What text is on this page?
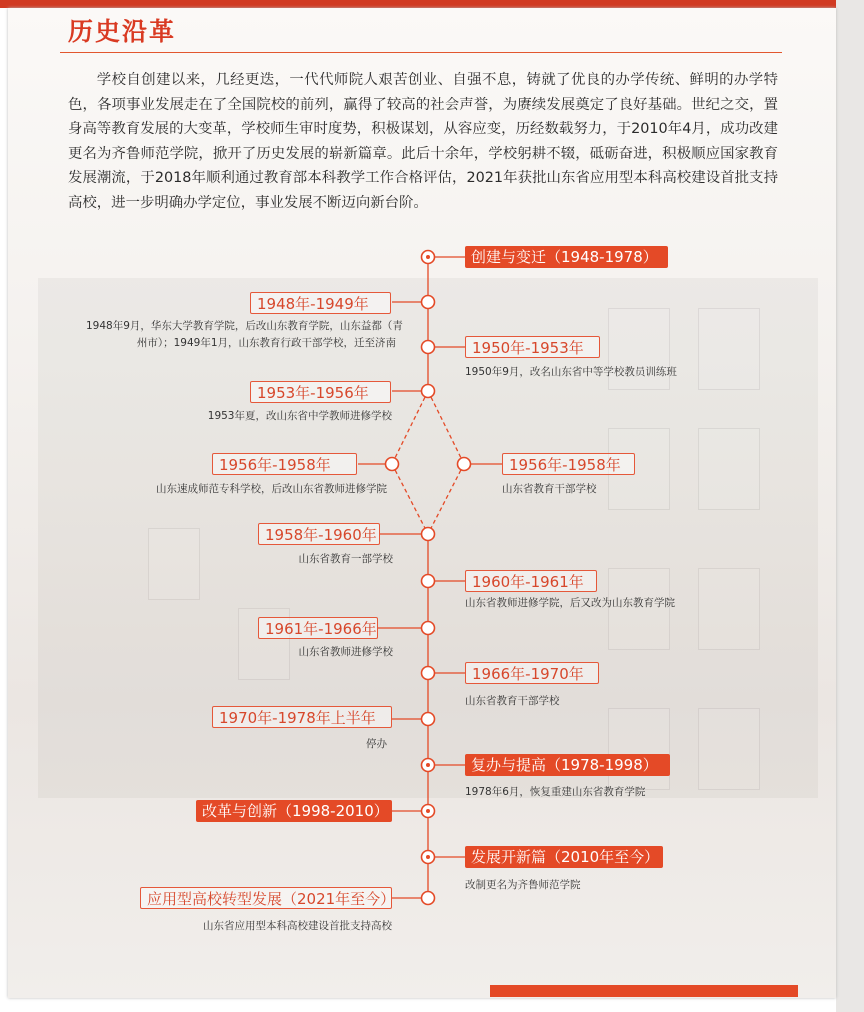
历史沿革
学校自创建以来，几经更迭，一代代师院人艰苦创业、自强不息，铸就了优良的办学传统、鲜明的办学特色，各项事业发展走在了全国院校的前列，赢得了较高的社会声誉，为赓续发展奠定了良好基础。世纪之交，置身高等教育发展的大变革，学校师生审时度势，积极谋划，从容应变，历经数载努力，于2010年4月，成功改建更名为齐鲁师范学院，掀开了历史发展的崭新篇章。此后十余年，学校躬耕不辍，砥砺奋进，积极顺应国家教育发展潮流，于2018年顺利通过教育部本科教学工作合格评估，2021年获批山东省应用型本科高校建设首批支持高校，进一步明确办学定位，事业发展不断迈向新台阶。
创建与变迁（1948-1978）
1948年-1949年
1948年9月，华东大学教育学院，后改山东教育学院，山东益都（青
州市）；1949年1月，山东教育行政干部学校，迁至济南	1950年-1953年
1950年9月，改名山东省中等学校教员训练班
1953年-1956年
1953年夏，改山东省中学教师进修学校
1956年-1958年
山东速成师范专科学校，后改山东省教师进修学院
1956年-1958年
山东省教育干部学校
1958年-1960年
山东省教育一部学校
1960年-1961年
山东省教师进修学院，后又改为山东教育学院
1961年-1966年
山东省教师进修学校
1966年-1970年
山东省教育干部学校
1970年-1978年上半年
停办
复办与提高（1978-1998）
1978年6月，恢复重建山东省教育学院
改革与创新（1998-2010）
发展开新篇（2010年至今）
改制更名为齐鲁师范学院
应用型高校转型发展（2021年至今）
山东省应用型本科高校建设首批支持高校
